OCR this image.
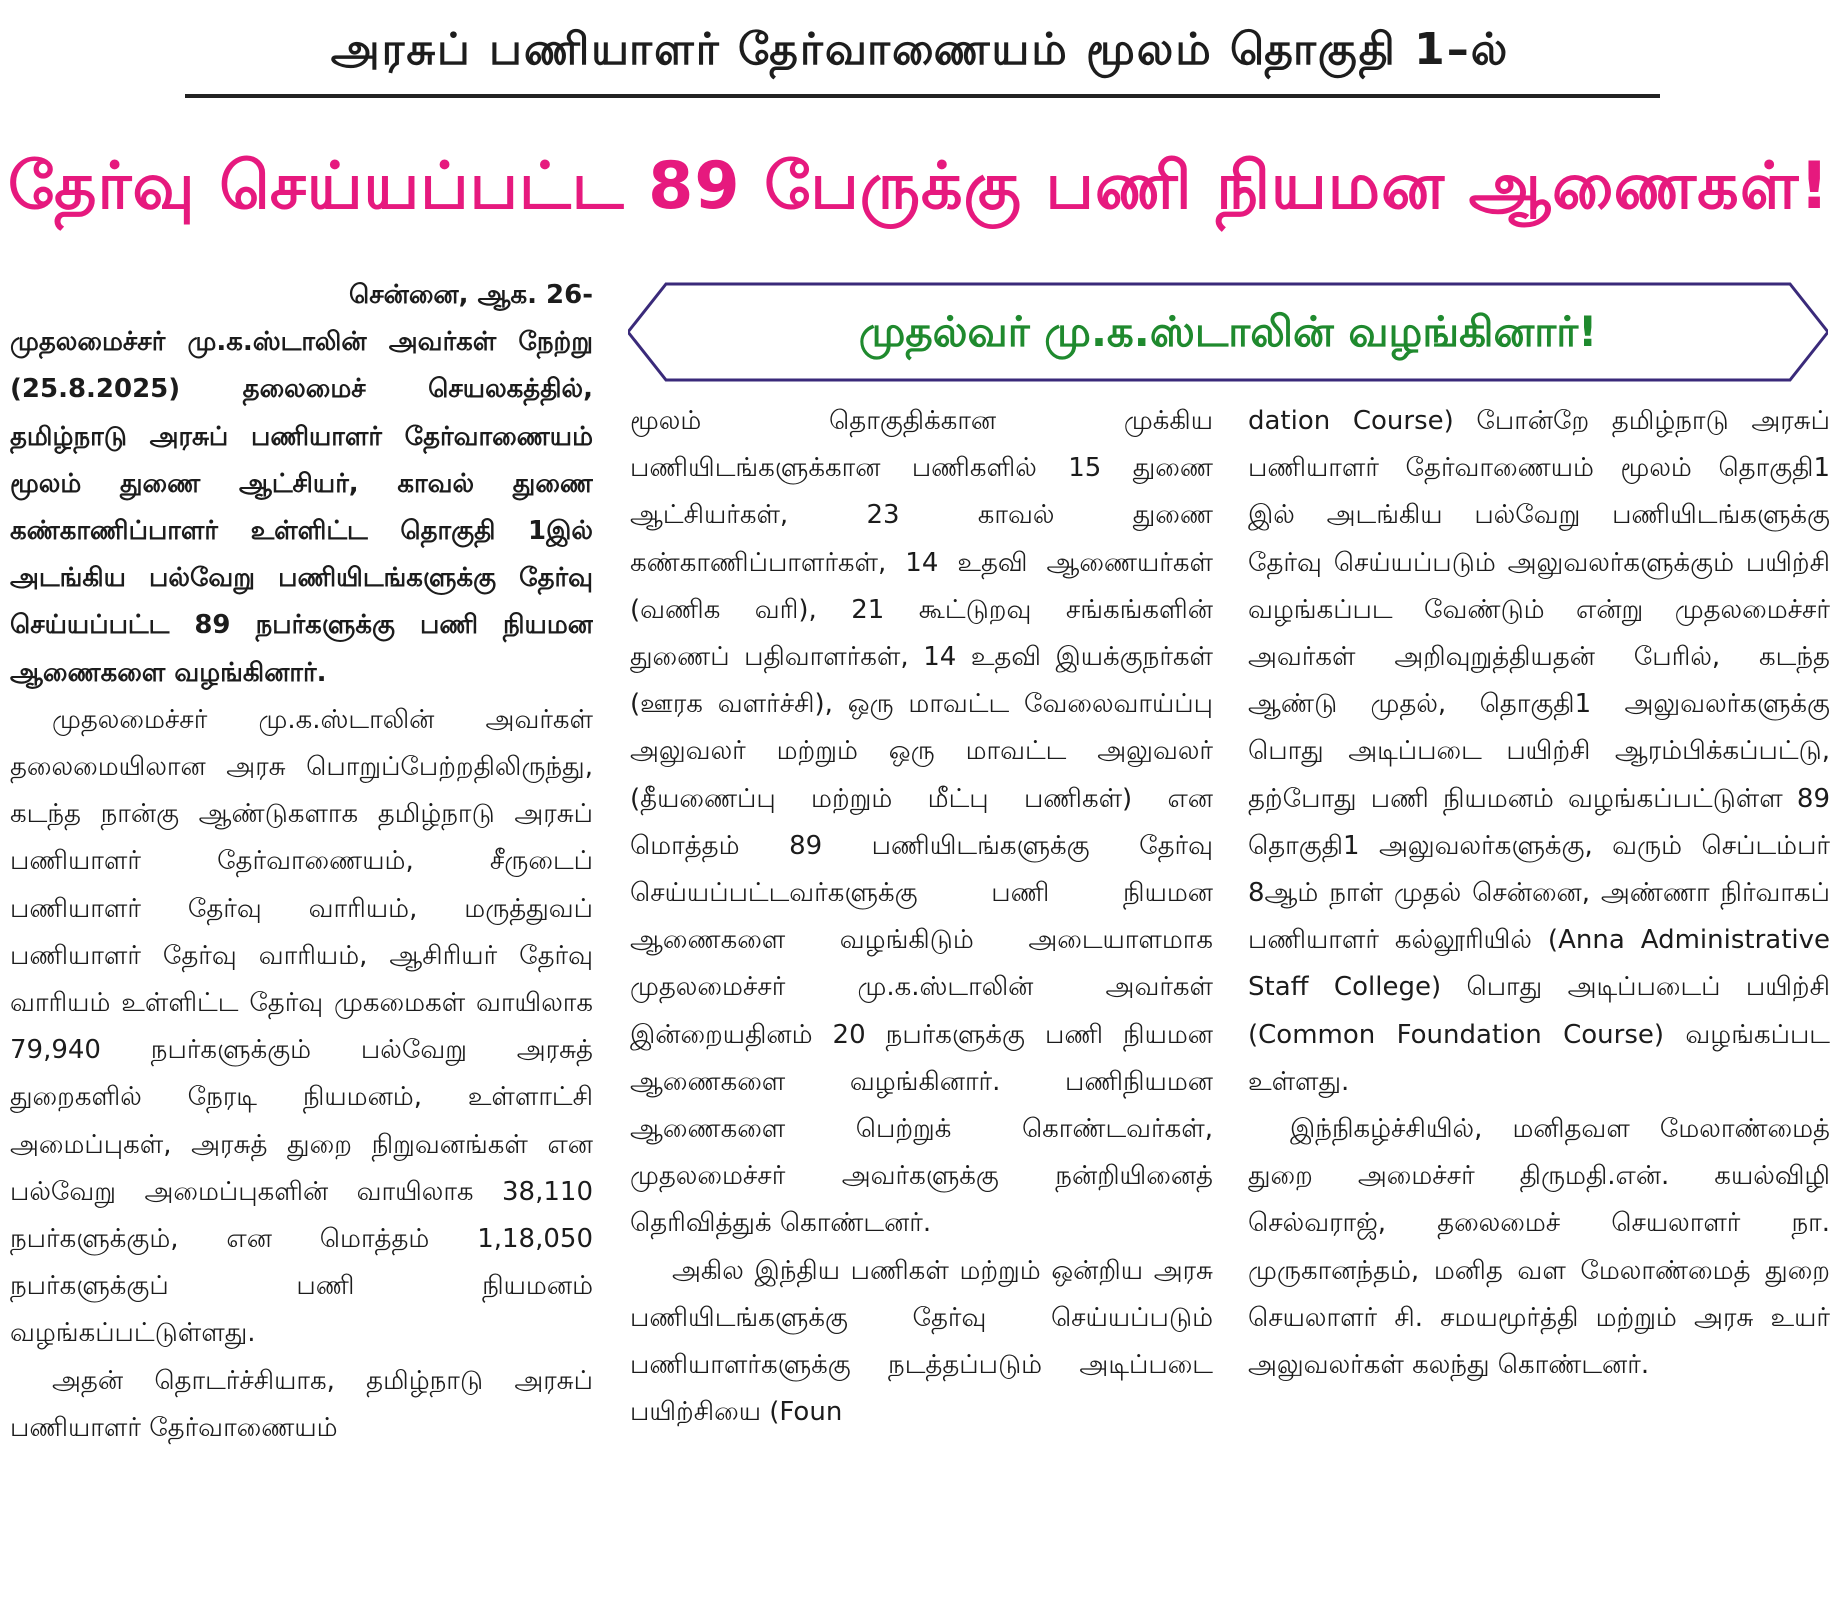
அரசுப் பணியாளர் தேர்வாணையம் மூலம் தொகுதி 1–ல்
தேர்வு செய்யப்பட்ட 89 பேருக்கு பணி நியமன ஆணைகள்!
முதல்வர் மு.க.ஸ்டாலின் வழங்கினார்!

சென்னை, ஆக. 26-

முதலமைச்சர் மு.க.ஸ்டாலின் அவர்கள் நேற்று (25.8.2025) தலைமைச் செயலகத்தில், தமிழ்நாடு அரசுப் பணியாளர் தேர்வாணையம் மூலம் துணை ஆட்சியர், காவல் துணை கண்காணிப்பாளர் உள்ளிட்ட தொகுதி 1இல் அடங்கிய பல்வேறு பணியிடங்களுக்கு தேர்வு செய்யப்பட்ட 89 நபர்களுக்கு பணி நியமன ஆணைகளை வழங்கினார்.

முதலமைச்சர் மு.க.ஸ்டாலின் அவர்கள் தலைமையிலான அரசு பொறுப்பேற்றதிலிருந்து, கடந்த நான்கு ஆண்டுகளாக தமிழ்நாடு அரசுப் பணியாளர் தேர்வாணையம், சீருடைப் பணியாளர் தேர்வு வாரியம், மருத்துவப் பணியாளர் தேர்வு வாரியம், ஆசிரியர் தேர்வு வாரியம் உள்ளிட்ட தேர்வு முகமைகள் வாயிலாக 79,940 நபர்களுக்கும் பல்வேறு அரசுத் துறைகளில் நேரடி நியமனம், உள்ளாட்சி அமைப்புகள், அரசுத் துறை நிறுவனங்கள் என பல்வேறு அமைப்புகளின் வாயிலாக 38,110 நபர்களுக்கும், என மொத்தம் 1,18,050 நபர்களுக்குப் பணி நியமனம் வழங்கப்பட்டுள்ளது.

அதன் தொடர்ச்சியாக, தமிழ்நாடு அரசுப் பணியாளர் தேர்வாணையம்

மூலம் தொகுதிக்கான முக்கிய பணியிடங்களுக்கான பணிகளில் 15 துணை ஆட்சியர்கள், 23 காவல் துணை கண்காணிப்பாளர்கள், 14 உதவி ஆணையர்கள் (வணிக வரி), 21 கூட்டுறவு சங்கங்களின் துணைப் பதிவாளர்கள், 14 உதவி இயக்குநர்கள் (ஊரக வளர்ச்சி), ஒரு மாவட்ட வேலைவாய்ப்பு அலுவலர் மற்றும் ஒரு மாவட்ட அலுவலர் (தீயணைப்பு மற்றும் மீட்பு பணிகள்) என மொத்தம் 89 பணியிடங்களுக்கு தேர்வு செய்யப்பட்டவர்களுக்கு பணி நியமன ஆணைகளை வழங்கிடும் அடையாளமாக முதலமைச்சர் மு.க.ஸ்டாலின் அவர்கள் இன்றையதினம் 20 நபர்களுக்கு பணி நியமன ஆணைகளை வழங்கினார். பணிநியமன ஆணைகளை பெற்றுக் கொண்டவர்கள், முதலமைச்சர் அவர்களுக்கு நன்றியினைத் தெரிவித்துக் கொண்டனர்.

அகில இந்திய பணிகள் மற்றும் ஒன்றிய அரசு பணியிடங்களுக்கு தேர்வு செய்யப்படும் பணியாளர்களுக்கு நடத்தப்படும் அடிப்படை பயிற்சியை (Foun

dation Course) போன்றே தமிழ்நாடு அரசுப் பணியாளர் தேர்வாணையம் மூலம் தொகுதி1 இல் அடங்கிய பல்வேறு பணியிடங்களுக்கு தேர்வு செய்யப்படும் அலுவலர்களுக்கும் பயிற்சி வழங்கப்பட வேண்டும் என்று முதலமைச்சர் அவர்கள் அறிவுறுத்தியதன் பேரில், கடந்த ஆண்டு முதல், தொகுதி1 அலுவலர்களுக்கு பொது அடிப்படை பயிற்சி ஆரம்பிக்கப்பட்டு, தற்போது பணி நியமனம் வழங்கப்பட்டுள்ள 89 தொகுதி1 அலுவலர்களுக்கு, வரும் செப்டம்பர் 8ஆம் நாள் முதல் சென்னை, அண்ணா நிர்வாகப் பணியாளர் கல்லூரியில் (Anna Administrative Staff College) பொது அடிப்படைப் பயிற்சி (Common Foundation Course) வழங்கப்பட உள்ளது.

இந்நிகழ்ச்சியில், மனிதவள மேலாண்மைத் துறை அமைச்சர் திருமதி.என். கயல்விழி செல்வராஜ், தலைமைச் செயலாளர் நா. முருகானந்தம், மனித வள மேலாண்மைத் துறை செயலாளர் சி. சமயமூர்த்தி மற்றும் அரசு உயர் அலுவலர்கள் கலந்து கொண்டனர்.
